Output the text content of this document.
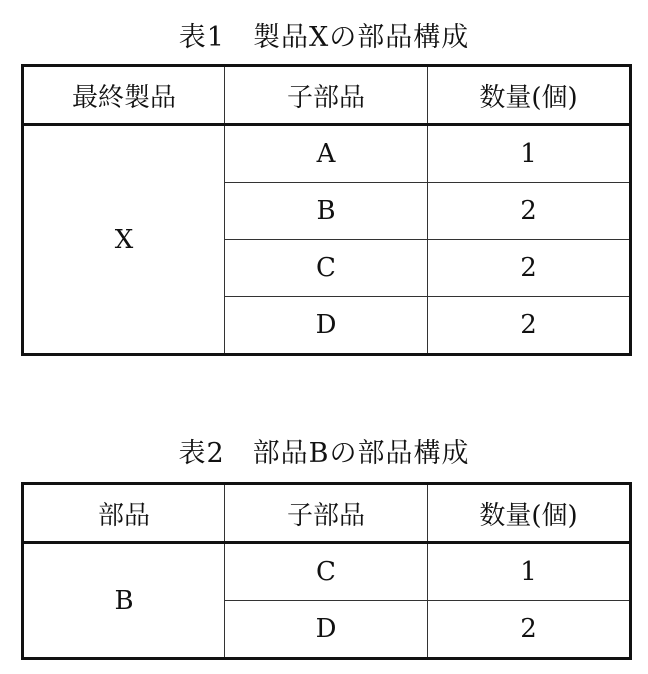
表1　製品Xの部品構成
最終製品	子部品	数量(個)
X	A	1
	B	2
	C	2
	D	2
表2　部品Bの部品構成
部品	子部品	数量(個)
B	C	1
	D	2
